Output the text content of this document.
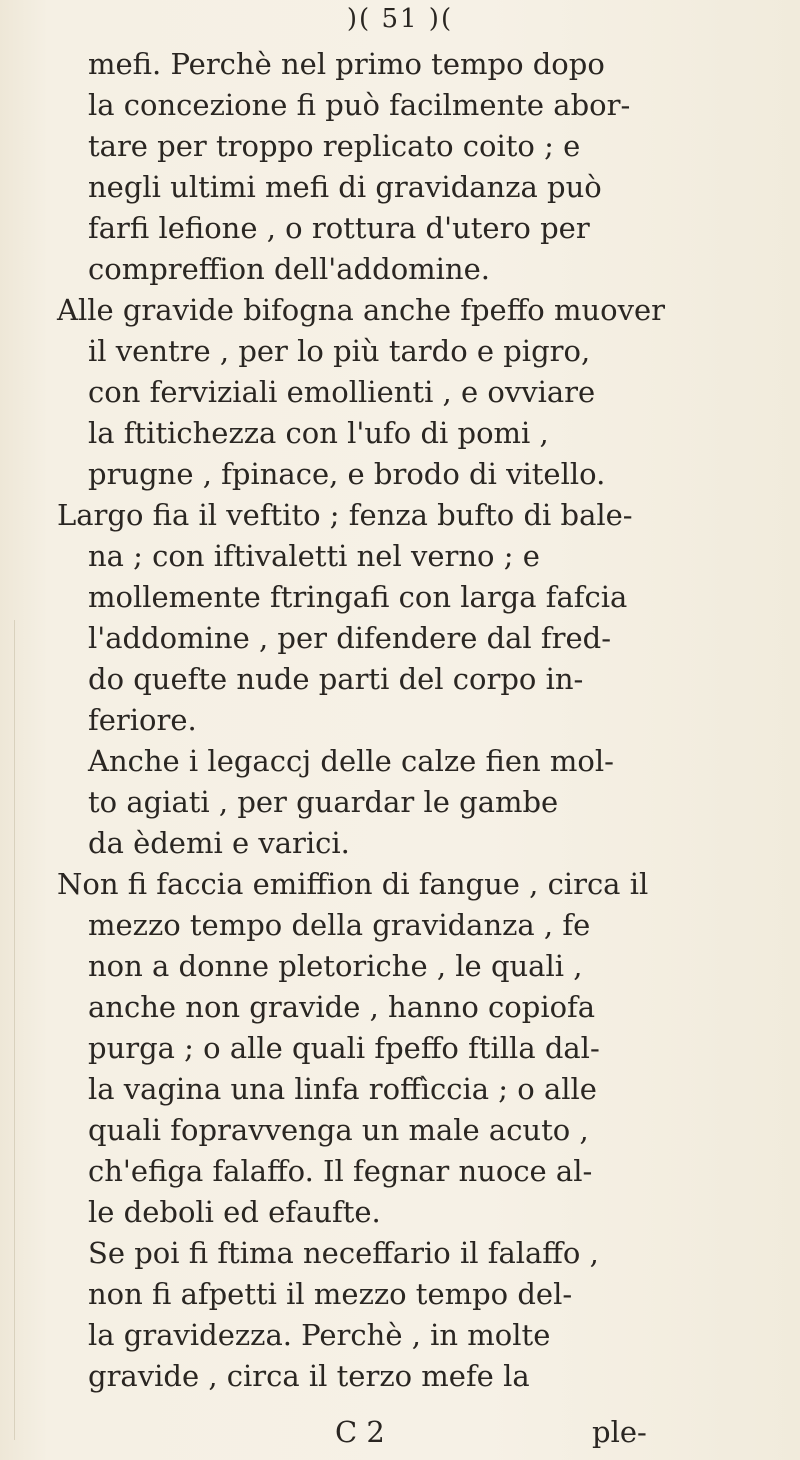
)( 51 )(
mefi. Perchè nel primo tempo dopo
la concezione fi può facilmente abor-
tare per troppo replicato coito ; e
negli ultimi mefi di gravidanza può
farfi lefione , o rottura d'utero per
compreffion dell'addomine.
Alle gravide bifogna anche fpeffo muover
il ventre , per lo più tardo e pigro,
con ferviziali emollienti , e ovviare
la ftitichezza con l'ufo di pomi ,
prugne , fpinace, e brodo di vitello.
Largo fia il veftito ; fenza bufto di bale-
na ; con iftivaletti nel verno ; e
mollemente ftringafi con larga fafcia
l'addomine , per difendere dal fred-
do quefte nude parti del corpo in-
feriore.
Anche i legaccj delle calze fien mol-
to agiati , per guardar le gambe
da èdemi e varici.
Non fi faccia emiffion di fangue , circa il
mezzo tempo della gravidanza , fe
non a donne pletoriche , le quali ,
anche non gravide , hanno copiofa
purga ; o alle quali fpeffo ftilla dal-
la vagina una linfa roffìccia ; o alle
quali fopravvenga un male acuto ,
ch'efiga falaffo. Il fegnar nuoce al-
le deboli ed efaufte.
Se poi fi ftima neceffario il falaffo ,
non fi afpetti il mezzo tempo del-
la gravidezza. Perchè , in molte
gravide , circa il terzo mefe la
C 2	ple-
